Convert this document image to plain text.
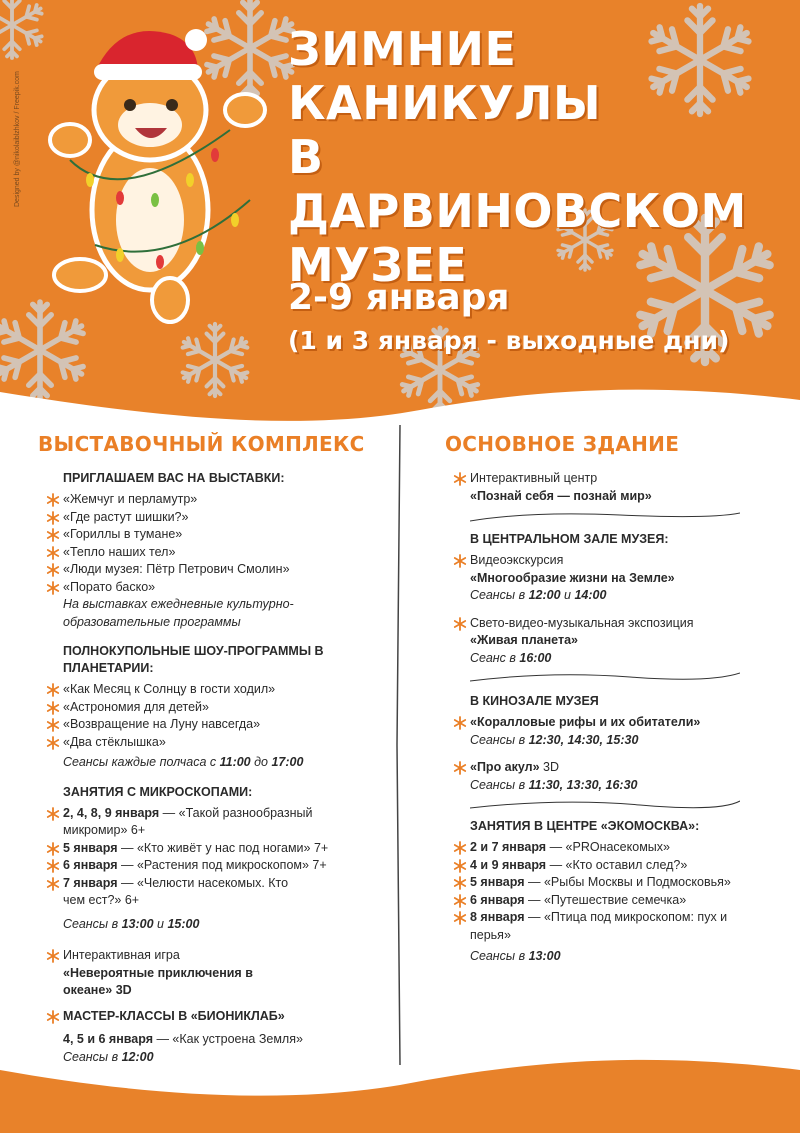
Designed by @nikolaiblzhkov / Freepik.com
ЗИМНИЕ
КАНИКУЛЫ
В ДАРВИНОВСКОМ
МУЗЕЕ
2-9 января
(1 и 3 января - выходные дни)
ВЫСТАВОЧНЫЙ КОМПЛЕКС
ПРИГЛАШАЕМ ВАС НА ВЫСТАВКИ:
«Жемчуг и перламутр»
«Где растут шишки?»
«Гориллы в тумане»
«Тепло наших тел»
«Люди музея: Пётр Петрович Смолин»
«Порато баско»
На выставках ежедневные культурно-образовательные программы
ПОЛНОКУПОЛЬНЫЕ ШОУ-ПРОГРАММЫ В ПЛАНЕТАРИИ:
«Как Месяц к Солнцу в гости ходил»
«Астрономия для детей»
«Возвращение на Луну навсегда»
«Два стёклышка»
Сеансы каждые полчаса с 11:00 до 17:00
ЗАНЯТИЯ С МИКРОСКОПАМИ:
2, 4, 8, 9 января — «Такой разнообразный микромир» 6+
5 января — «Кто живёт у нас под ногами» 7+
6 января — «Растения под микроскопом» 7+
7 января — «Челюсти насекомых. Кто чем ест?» 6+
Сеансы в 13:00 и 15:00
Интерактивная игра
«Невероятные приключения в океане» 3D
МАСТЕР-КЛАССЫ В «БИОНИКЛАБ»
4, 5 и 6 января — «Как устроена Земля»
Сеансы в 12:00
ОСНОВНОЕ ЗДАНИЕ
Интерактивный центр
«Познай себя — познай мир»
В ЦЕНТРАЛЬНОМ ЗАЛЕ МУЗЕЯ:
Видеоэкскурсия
«Многообразие жизни на Земле»
Сеансы в 12:00 и 14:00
Свето-видео-музыкальная экспозиция
«Живая планета»
Сеанс в 16:00
В КИНОЗАЛЕ МУЗЕЯ
«Коралловые рифы и их обитатели»
Сеансы в 12:30, 14:30, 15:30
«Про акул» 3D
Сеансы в 11:30, 13:30, 16:30
ЗАНЯТИЯ В ЦЕНТРЕ «ЭКОМОСКВА»:
2 и 7 января — «PROнасекомых»
4 и 9 января — «Кто оставил след?»
5 января — «Рыбы Москвы и Подмосковья»
6 января — «Путешествие семечка»
8 января — «Птица под микроскопом: пух и перья»
Сеансы в 13:00
